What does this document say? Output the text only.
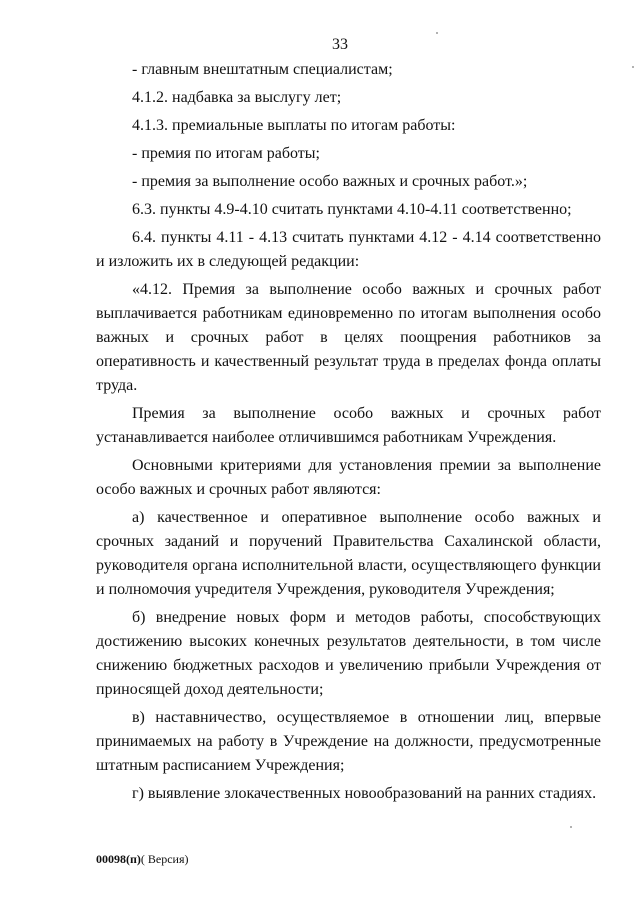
33

- главным внештатным специалистам;

4.1.2. надбавка за выслугу лет;

4.1.3. премиальные выплаты по итогам работы:

- премия по итогам работы;

- премия за выполнение особо важных и срочных работ.»;

6.3. пункты 4.9-4.10 считать пунктами 4.10-4.11 соответственно;

6.4. пункты 4.11 - 4.13 считать пунктами 4.12 - 4.14 соответственно и изложить их в следующей редакции:

«4.12. Премия за выполнение особо важных и срочных работ выплачивается работникам единовременно по итогам выполнения особо важных и срочных работ в целях поощрения работников за оперативность и качественный результат труда в пределах фонда оплаты труда.

Премия за выполнение особо важных и срочных работ устанавливается наиболее отличившимся работникам Учреждения.

Основными критериями для установления премии за выполнение особо важных и срочных работ являются:

а) качественное и оперативное выполнение особо важных и срочных заданий и поручений Правительства Сахалинской области, руководителя органа исполнительной власти, осуществляющего функции и полномочия учредителя Учреждения, руководителя Учреждения;

б) внедрение новых форм и методов работы, способствующих достижению высоких конечных результатов деятельности, в том числе снижению бюджетных расходов и увеличению прибыли Учреждения от приносящей доход деятельности;

в) наставничество, осуществляемое в отношении лиц, впервые принимаемых на работу в Учреждение на должности, предусмотренные штатным расписанием Учреждения;

г) выявление злокачественных новообразований на ранних стадиях.

00098(п)( Версия)
